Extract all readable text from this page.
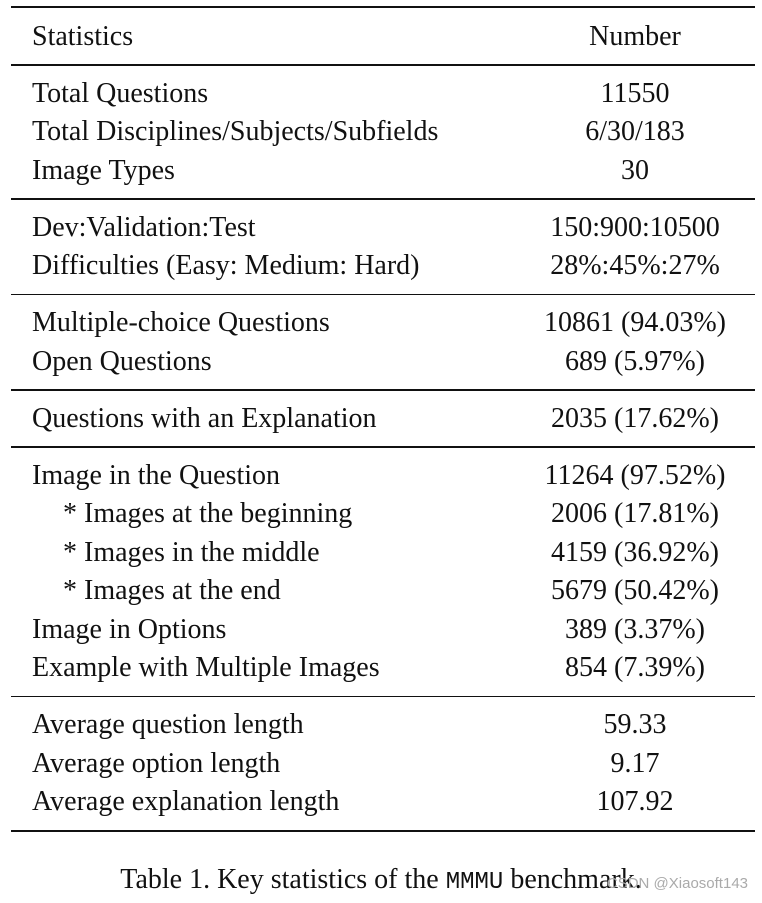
Statistics	Number
Total Questions	11550
Total Disciplines/Subjects/Subfields	6/30/183
Image Types	30
Dev:Validation:Test	150:900:10500
Difficulties (Easy: Medium: Hard)	28%:45%:27%
Multiple-choice Questions	10861 (94.03%)
Open Questions	689 (5.97%)
Questions with an Explanation	2035 (17.62%)
Image in the Question	11264 (97.52%)
* Images at the beginning	2006 (17.81%)
* Images in the middle	4159 (36.92%)
* Images at the end	5679 (50.42%)
Image in Options	389 (3.37%)
Example with Multiple Images	854 (7.39%)
Average question length	59.33
Average option length	9.17
Average explanation length	107.92
Table 1. Key statistics of the MMMU benchmark.
CSDN @Xiaosoft143
